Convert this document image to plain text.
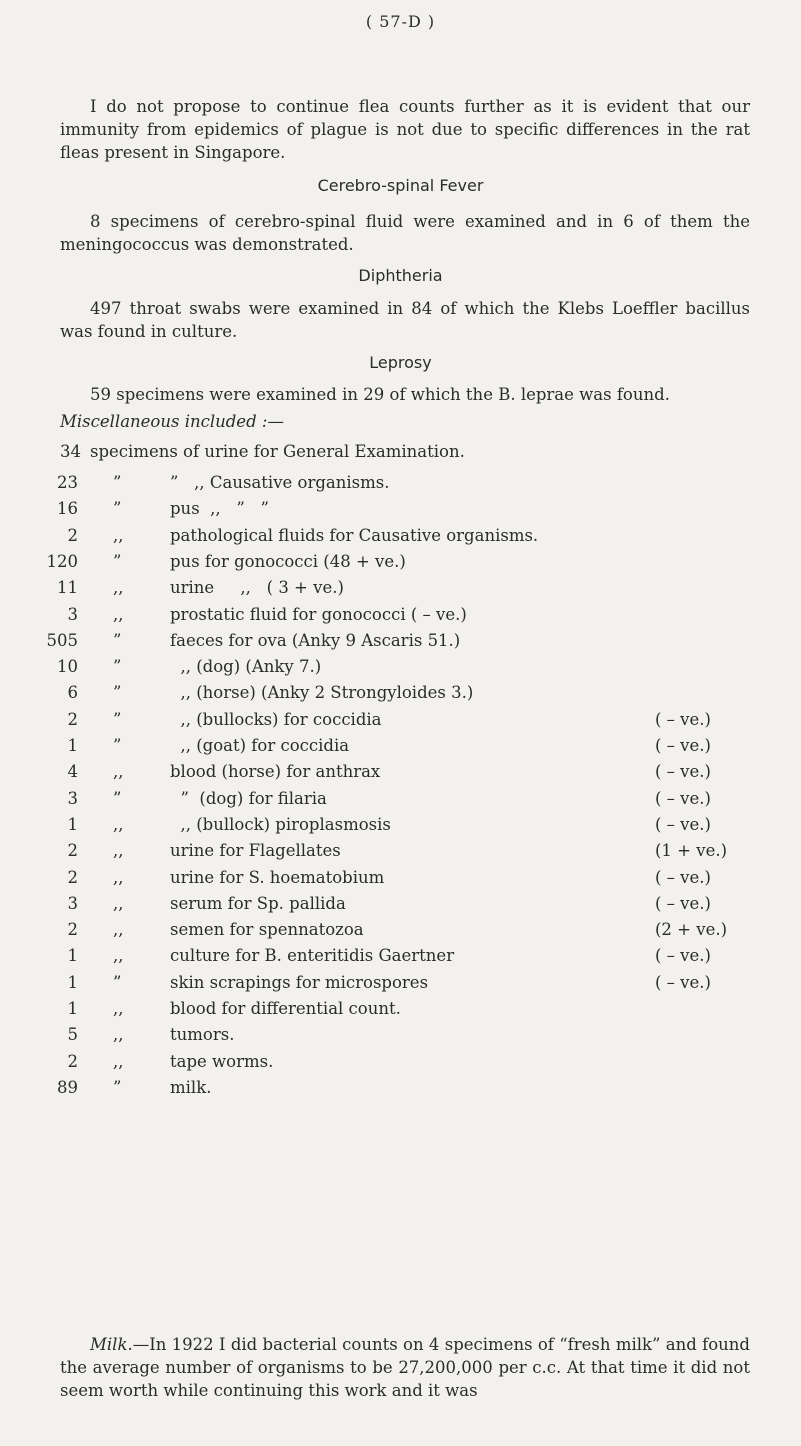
( 57-D )
I do not propose to continue flea counts further as it is evident that our immunity from epidemics of plague is not due to specific differences in the rat fleas present in Singapore.
Cerebro-spinal Fever
8 specimens of cerebro-spinal fluid were examined and in 6 of them the meningococcus was demonstrated.
Diphtheria
497 throat swabs were examined in 84 of which the Klebs Loeffler bacillus was found in culture.
Leprosy
59 specimens were examined in 29 of which the B. leprae was found.
Miscellaneous included :—
34 specimens of urine for General Examination.
23 ”	”   ,, Causative organisms.
16 ”	pus  ,,   ”   ”
2 ,,	pathological fluids for Causative organisms.
120 ”	pus for gonococci (48 + ve.)
11 ,,	urine     ,,   ( 3 + ve.)
3 ,,	prostatic fluid for gonococci ( – ve.)
505 ”	faeces for ova (Anky 9 Ascaris 51.)
10 ”	,, (dog) (Anky 7.)
6 ”	,, (horse) (Anky 2 Strongyloides 3.)
2 ”	,, (bullocks) for coccidia	( – ve.)
1 ”	,, (goat) for coccidia	( – ve.)
4 ,,	blood (horse) for anthrax	( – ve.)
3 ”	”  (dog) for filaria	( – ve.)
1 ,,	,, (bullock) piroplasmosis	( – ve.)
2 ,,	urine for Flagellates	(1 + ve.)
2 ,,	urine for S. hoematobium	( – ve.)
3 ,,	serum for Sp. pallida	( – ve.)
2 ,,	semen for spennatozoa	(2 + ve.)
1 ,,	culture for B. enteritidis Gaertner	( – ve.)
1 ”	skin scrapings for microspores	( – ve.)
1 ,,	blood for differential count.
5 ,,	tumors.
2 ,,	tape worms.
89 ”	milk.
Milk.—In 1922 I did bacterial counts on 4 specimens of “fresh milk” and found the average number of organisms to be 27,200,000 per c.c. At that time it did not seem worth while continuing this work and it was
